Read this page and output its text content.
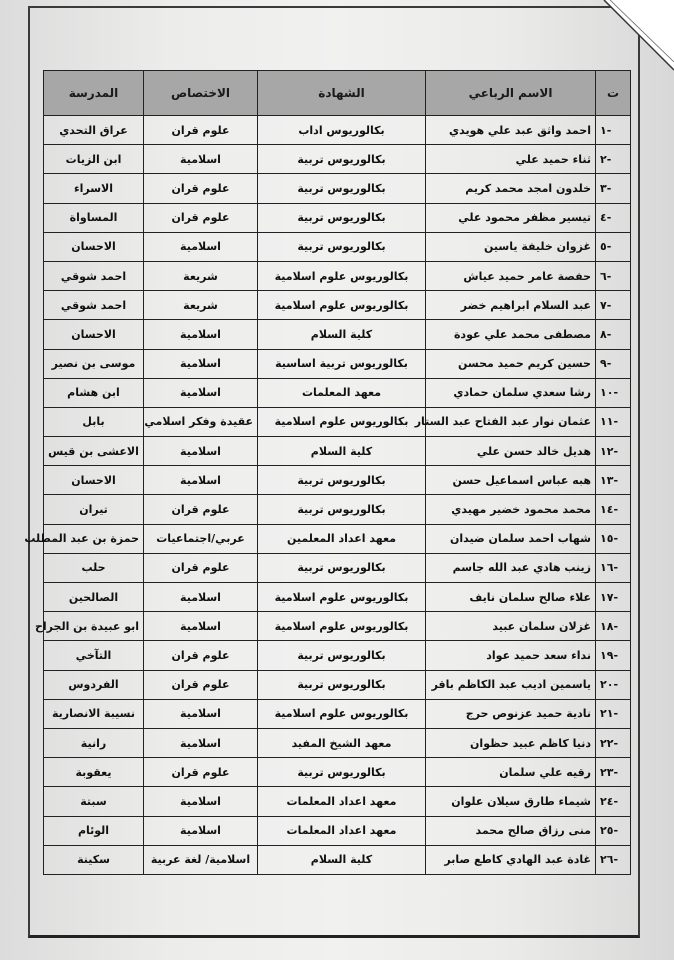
ت	الاسم الرباعي	الشهادة	الاختصاص	المدرسة
-١	احمد واثق عبد علي هويدي	بكالوريوس اداب	علوم قران	عراق التحدي
-٢	ثناء حميد علي	بكالوريوس تربية	اسلامية	ابن الزيات
-٣	خلدون امجد محمد كريم	بكالوريوس تربية	علوم قران	الاسراء
-٤	تيسير مظفر محمود علي	بكالوريوس تربية	علوم قران	المساواة
-٥	غزوان خليفة ياسين	بكالوريوس تربية	اسلامية	الاحسان
-٦	حفصة عامر حميد عياش	بكالوريوس علوم اسلامية	شريعة	احمد شوقي
-٧	عبد السلام ابراهيم خضر	بكالوريوس علوم اسلامية	شريعة	احمد شوقي
-٨	مصطفى محمد علي عودة	كلية السلام	اسلامية	الاحسان
-٩	حسين كريم حميد محسن	بكالوريوس تربية اساسية	اسلامية	موسى بن نصير
-١٠	رشا سعدي سلمان حمادي	معهد المعلمات	اسلامية	ابن هشام
-١١	عثمان نوار عبد الفتاح عبد الستار	بكالوريوس علوم اسلامية	عقيدة وفكر اسلامي	بابل
-١٢	هديل خالد حسن علي	كلية السلام	اسلامية	الاعشى بن قيس
-١٣	هبه عباس اسماعيل حسن	بكالوريوس تربية	اسلامية	الاحسان
-١٤	محمد محمود خضير مهيدي	بكالوريوس تربية	علوم قران	تيران
-١٥	شهاب احمد سلمان ضيدان	معهد اعداد المعلمين	عربي/اجتماعيات	حمزة بن عبد المطلب
-١٦	زينب هادي عبد الله جاسم	بكالوريوس تربية	علوم قران	حلب
-١٧	علاء صالح سلمان نايف	بكالوريوس علوم اسلامية	اسلامية	الصالحين
-١٨	غزلان سلمان عبيد	بكالوريوس علوم اسلامية	اسلامية	ابو عبيدة بن الجراح
-١٩	نداء سعد حميد عواد	بكالوريوس تربية	علوم قران	التآخي
-٢٠	ياسمين اديب عبد الكاظم باقر	بكالوريوس تربية	علوم قران	الفردوس
-٢١	نادية حميد عزنوص حرج	بكالوريوس علوم اسلامية	اسلامية	نسيبة الانصارية
-٢٢	دنيا كاظم عبيد حظوان	معهد الشيخ المفيد	اسلامية	رانية
-٢٣	رقيه علي سلمان	بكالوريوس تربية	علوم قران	يعقوبة
-٢٤	شيماء طارق سيلان علوان	معهد اعداد المعلمات	اسلامية	سبتة
-٢٥	منى رزاق صالح محمد	معهد اعداد المعلمات	اسلامية	الوئام
-٢٦	غادة عبد الهادي كاطع صابر	كلية السلام	اسلامية/ لغة عربية	سكينة
